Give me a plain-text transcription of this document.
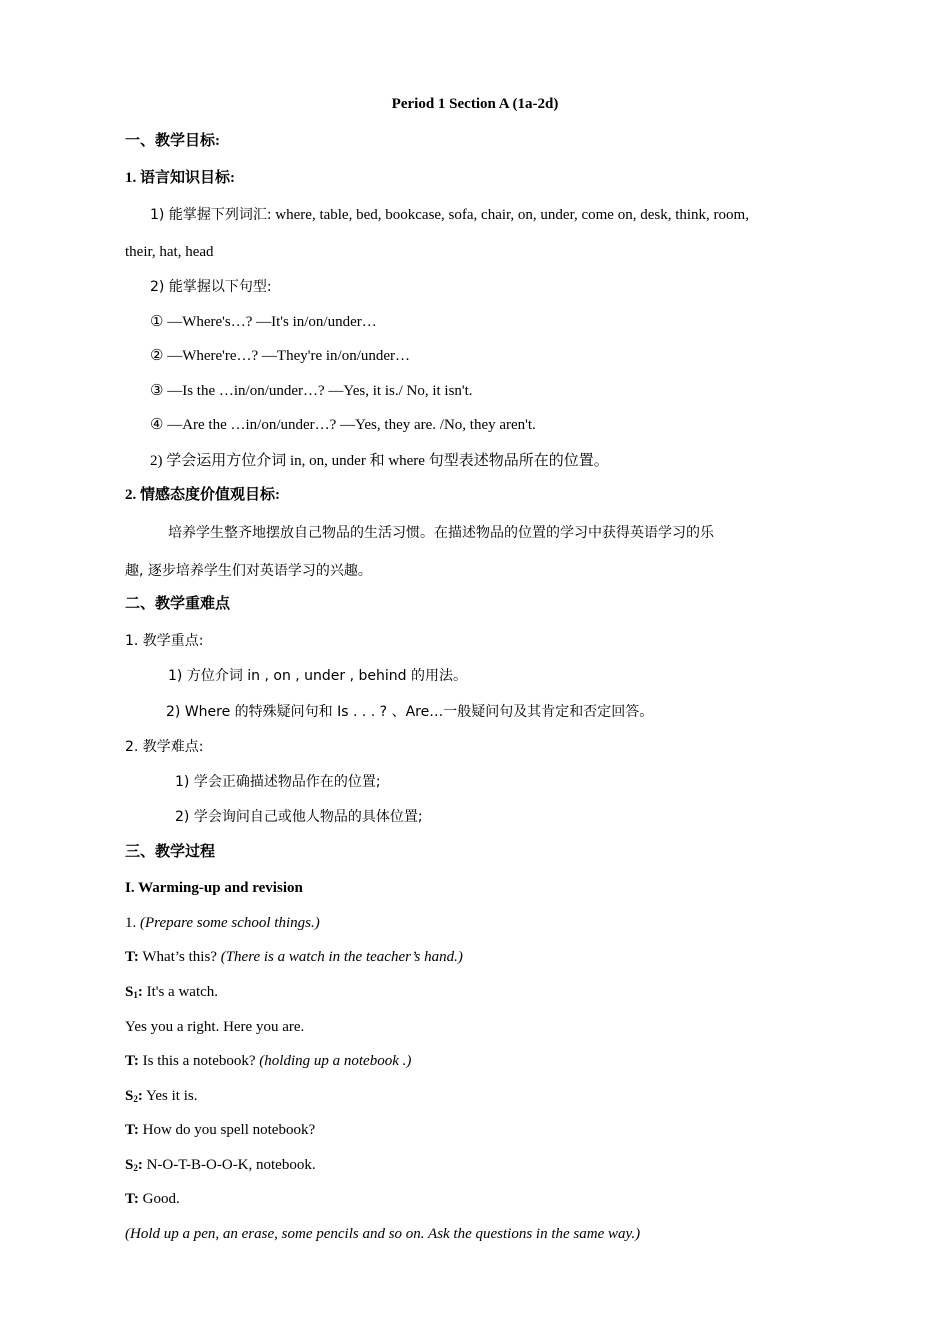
Period 1 Section A (1a-2d)
一、教学目标:
1. 语言知识目标:
1) 能掌握下列词汇: where, table, bed, bookcase, sofa, chair, on, under, come on, desk, think, room,
their, hat, head
2) 能掌握以下句型:
① —Where's…? —It's in/on/under…
② —Where're…? —They're in/on/under…
③ —Is the …in/on/under…? —Yes, it is./ No, it isn't.
④ —Are the …in/on/under…? —Yes, they are. /No, they aren't.
2) 学会运用方位介词 in, on, under 和 where 句型表述物品所在的位置。
2. 情感态度价值观目标:
培养学生整齐地摆放自己物品的生活习惯。在描述物品的位置的学习中获得英语学习的乐
趣, 逐步培养学生们对英语学习的兴趣。
二、教学重难点
1. 教学重点:
1) 方位介词 in , on , under , behind 的用法。
2) Where 的特殊疑问句和 Is . . . ? 、Are…一般疑问句及其肯定和否定回答。
2. 教学难点:
1) 学会正确描述物品作在的位置;
2) 学会询问自己或他人物品的具体位置;
三、教学过程
I. Warming-up and revision
1. (Prepare some school things.)
T: What’s this? (There is a watch in the teacher’s hand.)
$S_1$: It's a watch.
Yes you a right. Here you are.
T: Is this a notebook? (holding up a notebook .)
$S_2$: Yes it is.
T: How do you spell notebook?
$S_2$: N-O-T-B-O-O-K, notebook.
T: Good.
(Hold up a pen, an erase, some pencils and so on. Ask the questions in the same way.)
